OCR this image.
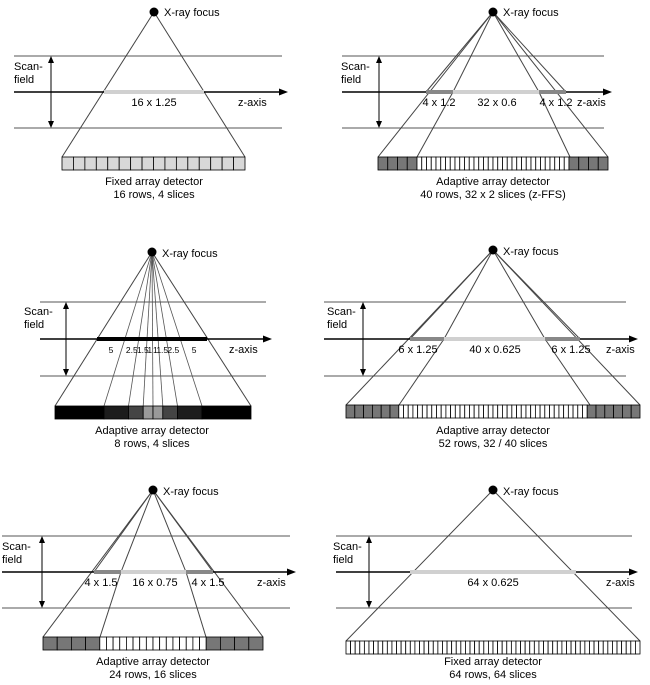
X-ray focus
Scan-
field
z-axis
16 x 1.25
Fixed array detector
16 rows, 4 slices
X-ray focus
Scan-
field
z-axis
4 x 1.2 32 x 0.6 4 x 1.2
Adaptive array detector
40 rows, 32 x 2 slices (z-FFS)
X-ray focus
Scan-
field
z-axis
5 2.5 1.5
1 1
1.5 2.5 5
Adaptive array detector
8 rows, 4 slices
X-ray focus
Scan-
field
z-axis
6 x 1.25	40 x 0.625	6 x 1.25
Adaptive array detector
52 rows, 32 / 40 slices
X-ray focus
Scan-
field
z-axis
4 x 1.5 16 x 0.75 4 x 1.5
Adaptive array detector
24 rows, 16 slices
X-ray focus
Scan-
field
z-axis
64 x 0.625
Fixed array detector
64 rows, 64 slices
